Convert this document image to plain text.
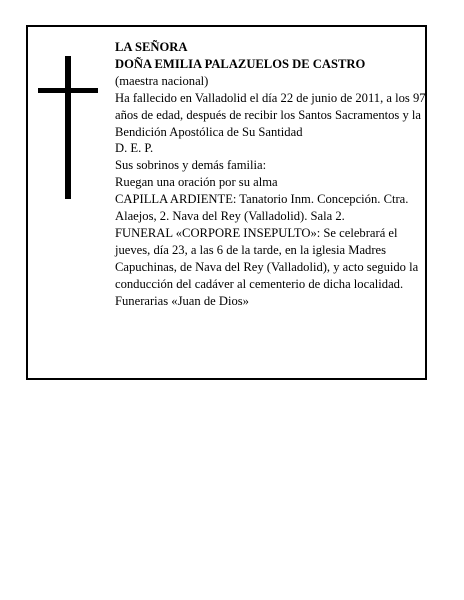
LA SEÑORA

DOÑA EMILIA PALAZUELOS DE CASTRO

(maestra nacional)

Ha fallecido en Valladolid el día 22 de junio de 2011, a los 97 años de edad, después de recibir los Santos Sacramentos y la Bendición Apostólica de Su Santidad

D. E. P.

Sus sobrinos y demás familia:

Ruegan una oración por su alma

CAPILLA ARDIENTE: Tanatorio Inm. Concepción. Ctra. Alaejos, 2. Nava del Rey (Valladolid). Sala 2.

FUNERAL «CORPORE INSEPULTO»: Se celebrará el jueves, día 23, a las 6 de la tarde, en la iglesia Madres Capuchinas, de Nava del Rey (Valladolid), y acto seguido la conducción del cadáver al cementerio de dicha localidad.

Funerarias «Juan de Dios»
